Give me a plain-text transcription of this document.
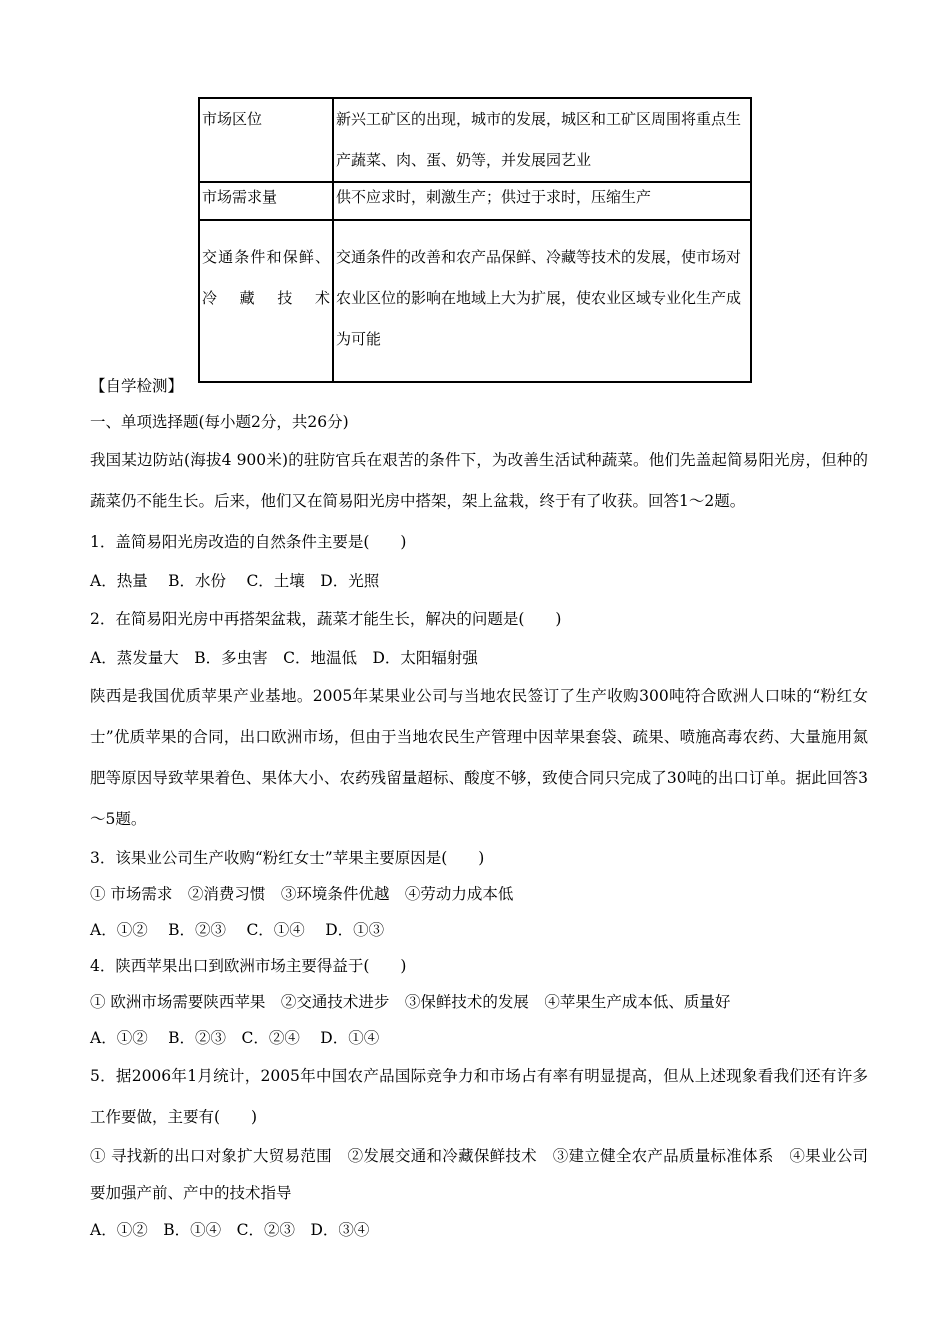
市场区位	新兴工矿区的出现，城市的发展，城区和工矿区周围将重点生产蔬菜、肉、蛋、奶等，并发展园艺业
市场需求量	供不应求时，刺激生产；供过于求时，压缩生产
交通条件和保鲜、冷藏技术	交通条件的改善和农产品保鲜、冷藏等技术的发展，使市场对农业区位的影响在地域上大为扩展，使农业区域专业化生产成为可能
【自学检测】
一、单项选择题(每小题2分，共26分)
我国某边防站(海拔4 900米)的驻防官兵在艰苦的条件下，为改善生活试种蔬菜。他们先盖起简易阳光房，但种的蔬菜仍不能生长。后来，他们又在简易阳光房中搭架，架上盆栽，终于有了收获。回答1～2题。
1．盖简易阳光房改造的自然条件主要是(　　)
A．热量　 B．水份　 C．土壤　D．光照
2．在简易阳光房中再搭架盆栽，蔬菜才能生长，解决的问题是(　　)
A．蒸发量大　B．多虫害　C．地温低　D．太阳辐射强
陕西是我国优质苹果产业基地。2005年某果业公司与当地农民签订了生产收购300吨符合欧洲人口味的“粉红女士”优质苹果的合同，出口欧洲市场，但由于当地农民生产管理中因苹果套袋、疏果、喷施高毒农药、大量施用氮肥等原因导致苹果着色、果体大小、农药残留量超标、酸度不够，致使合同只完成了30吨的出口订单。据此回答3～5题。
3．该果业公司生产收购“粉红女士”苹果主要原因是(　　)
① 市场需求　②消费习惯　③环境条件优越　④劳动力成本低
A．①②　 B．②③　 C．①④　 D．①③
4．陕西苹果出口到欧洲市场主要得益于(　　)
① 欧洲市场需要陕西苹果　②交通技术进步　③保鲜技术的发展　④苹果生产成本低、质量好
A．①②　 B．②③　C．②④　 D．①④
5．据2006年1月统计，2005年中国农产品国际竞争力和市场占有率有明显提高，但从上述现象看我们还有许多工作要做，主要有(　　)
① 寻找新的出口对象扩大贸易范围　②发展交通和冷藏保鲜技术　③建立健全农产品质量标准体系　④果业公司要加强产前、产中的技术指导
A．①②　B．①④　C．②③　D．③④
